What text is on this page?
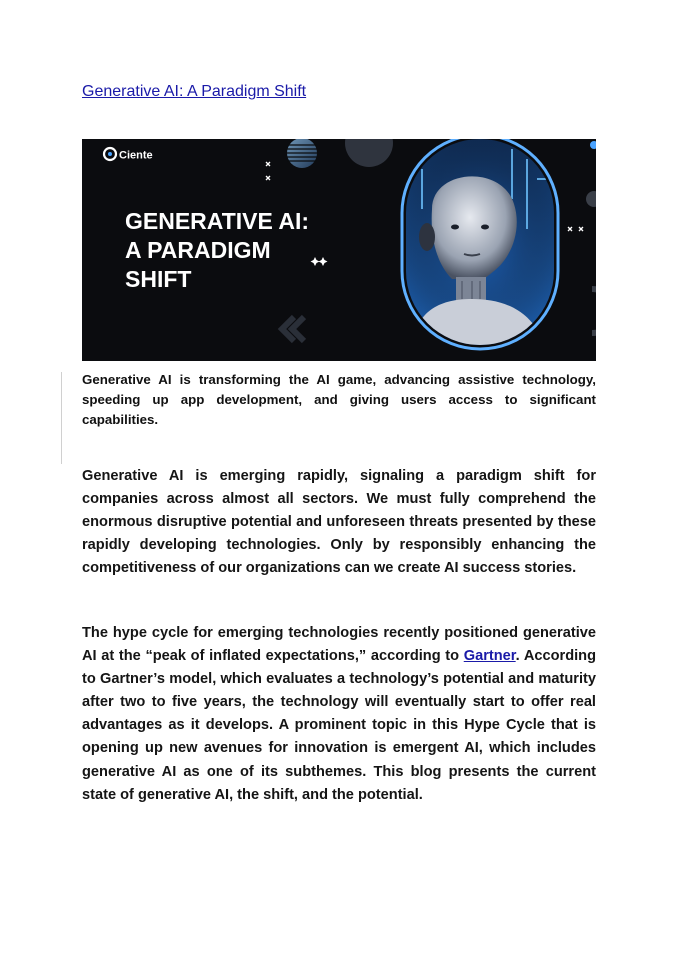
Generative AI: A Paradigm Shift
Ciente
GENERATIVE AI:
A PARADIGM
SHIFT
Generative AI is transforming the AI game, advancing assistive technology, speeding up app development, and giving users access to significant capabilities.

Generative AI is emerging rapidly, signaling a paradigm shift for companies across almost all sectors. We must fully comprehend the enormous disruptive potential and unforeseen threats presented by these rapidly developing technologies. Only by responsibly enhancing the competitiveness of our organizations can we create AI success stories.

The hype cycle for emerging technologies recently positioned generative AI at the “peak of inflated expectations,” according to Gartner. According to Gartner’s model, which evaluates a technology’s potential and maturity after two to five years, the technology will eventually start to offer real advantages as it develops. A prominent topic in this Hype Cycle that is opening up new avenues for innovation is emergent AI, which includes generative AI as one of its subthemes. This blog presents the current state of generative AI, the shift, and the potential.
